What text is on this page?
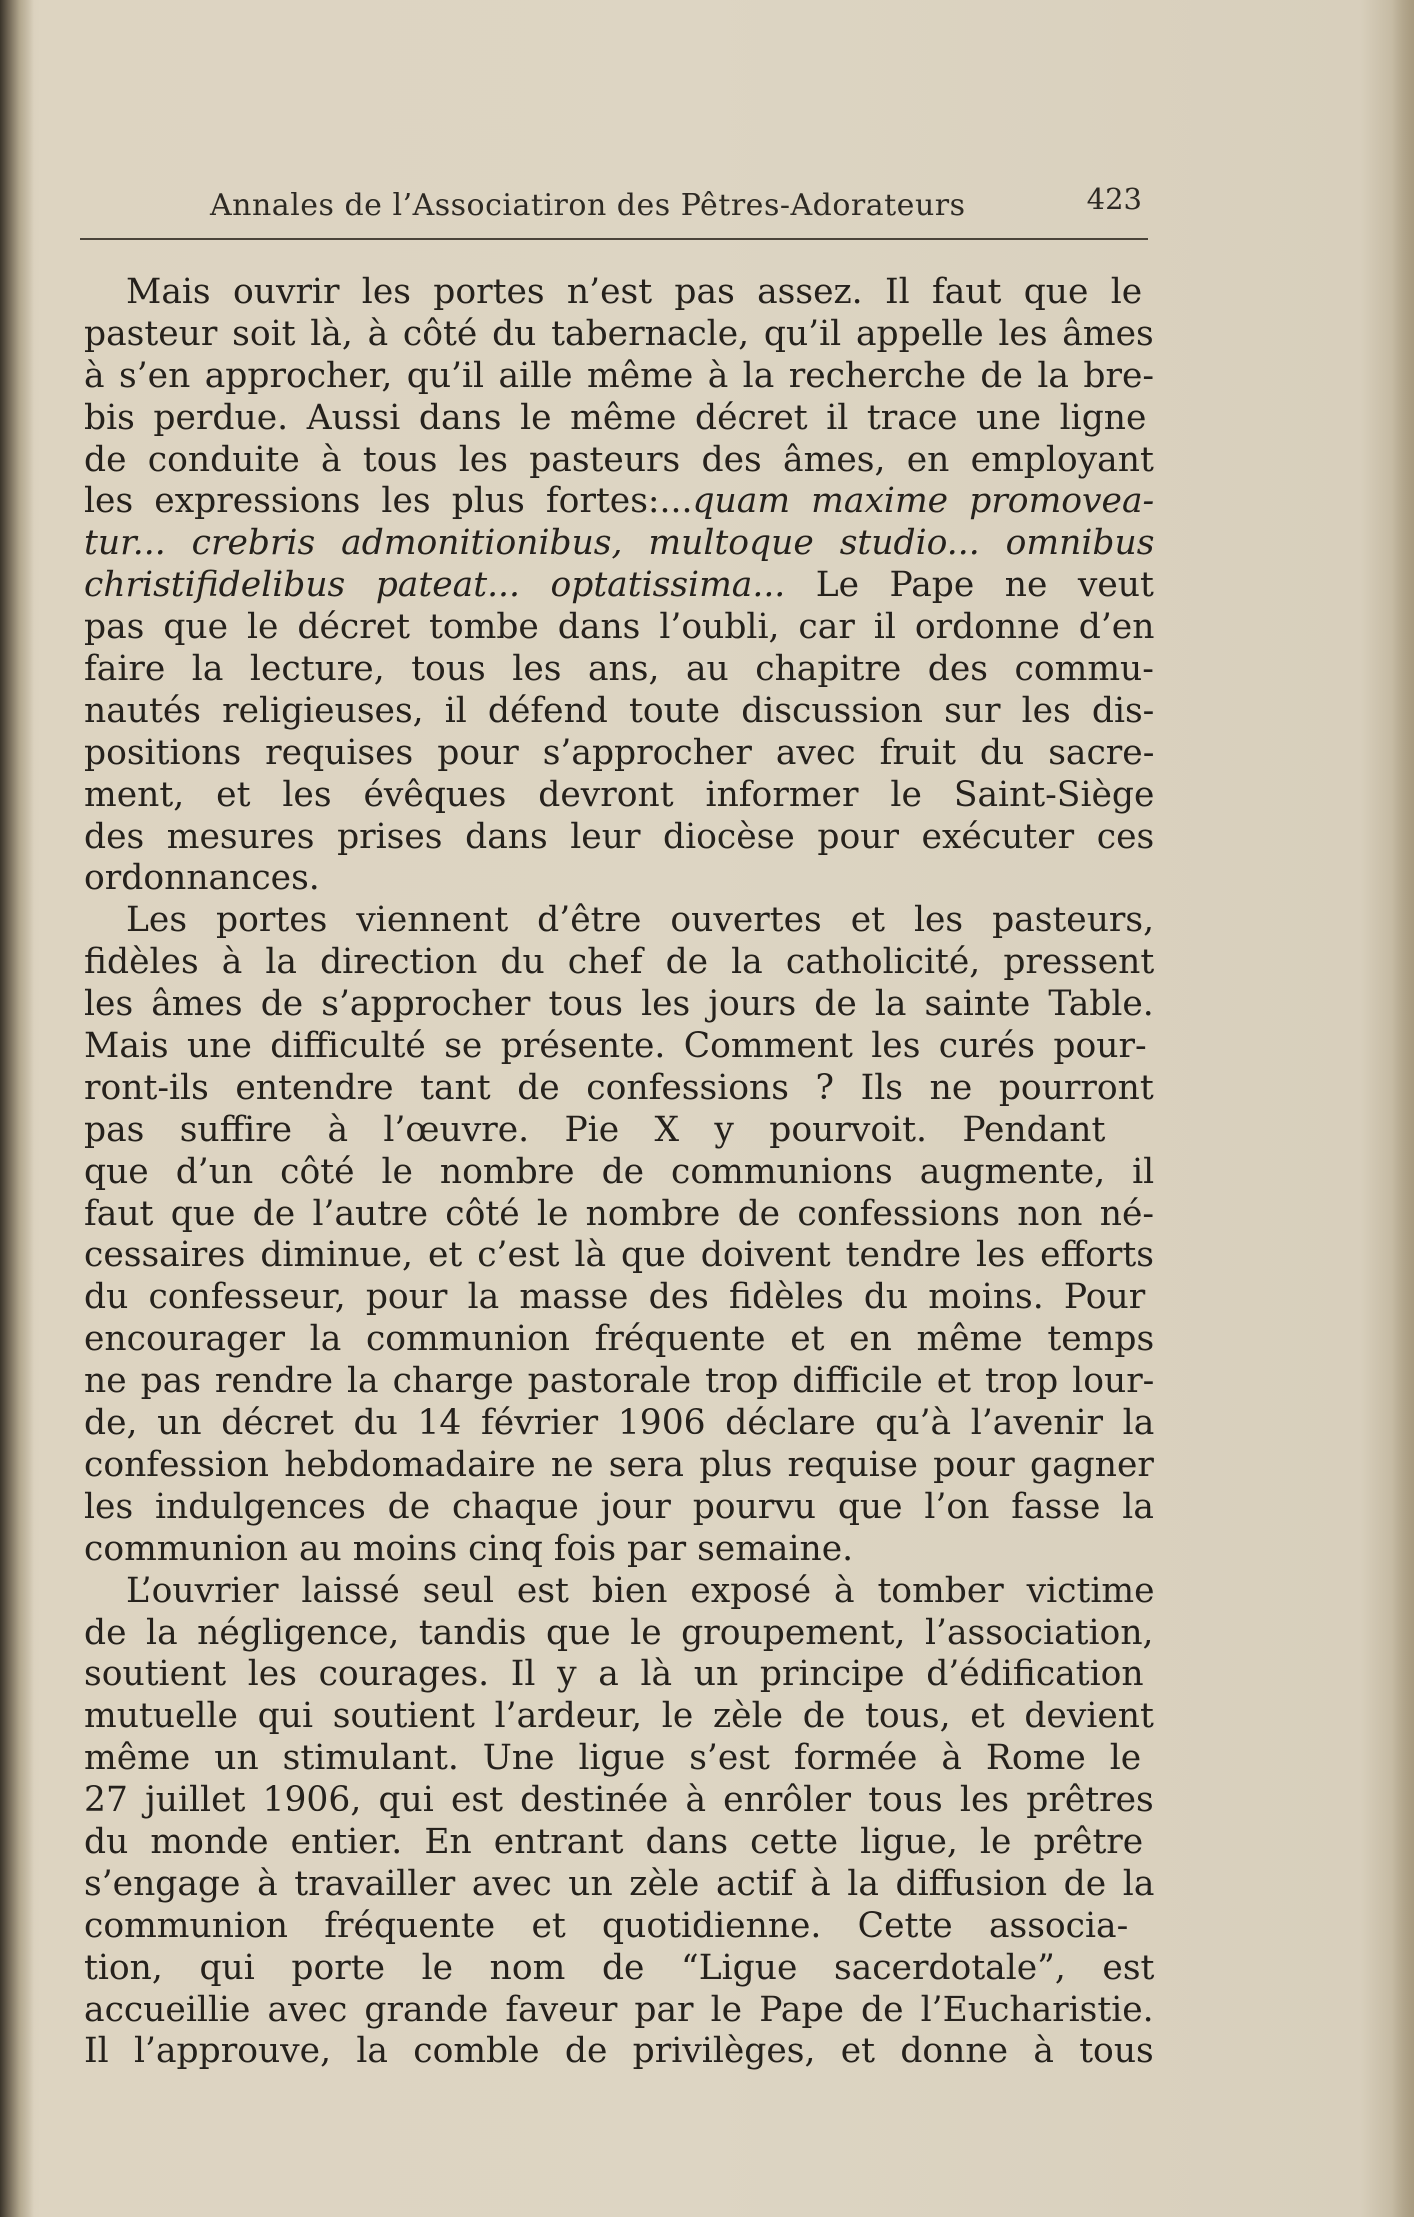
Annales de l’Associatiron des Pêtres-Adorateurs	423
Mais ouvrir les portes n’est pas assez. Il faut que le
pasteur soit là, à côté du tabernacle, qu’il appelle les âmes
à s’en approcher, qu’il aille même à la recherche de la bre-
bis perdue. Aussi dans le même décret il trace une ligne
de conduite à tous les pasteurs des âmes, en employant
les expressions les plus fortes:...quam maxime promovea-
tur... crebris admonitionibus, multoque studio... omnibus
christifidelibus pateat... optatissima... Le Pape ne veut
pas que le décret tombe dans l’oubli, car il ordonne d’en
faire la lecture, tous les ans, au chapitre des commu-
nautés religieuses, il défend toute discussion sur les dis-
positions requises pour s’approcher avec fruit du sacre-
ment, et les évêques devront informer le Saint-Siège
des mesures prises dans leur diocèse pour exécuter ces
ordonnances.
Les portes viennent d’être ouvertes et les pasteurs,
fidèles à la direction du chef de la catholicité, pressent
les âmes de s’approcher tous les jours de la sainte Table.
Mais une difficulté se présente. Comment les curés pour-
ront-ils entendre tant de confessions ? Ils ne pourront
pas suffire à l’œuvre. Pie X y pourvoit. Pendant
que d’un côté le nombre de communions augmente, il
faut que de l’autre côté le nombre de confessions non né-
cessaires diminue, et c’est là que doivent tendre les efforts
du confesseur, pour la masse des fidèles du moins. Pour
encourager la communion fréquente et en même temps
ne pas rendre la charge pastorale trop difficile et trop lour-
de, un décret du 14 février 1906 déclare qu’à l’avenir la
confession hebdomadaire ne sera plus requise pour gagner
les indulgences de chaque jour pourvu que l’on fasse la
communion au moins cinq fois par semaine.
L’ouvrier laissé seul est bien exposé à tomber victime
de la négligence, tandis que le groupement, l’association,
soutient les courages. Il y a là un principe d’édification
mutuelle qui soutient l’ardeur, le zèle de tous, et devient
même un stimulant. Une ligue s’est formée à Rome le
27 juillet 1906, qui est destinée à enrôler tous les prêtres
du monde entier. En entrant dans cette ligue, le prêtre
s’engage à travailler avec un zèle actif à la diffusion de la
communion fréquente et quotidienne. Cette associa-
tion, qui porte le nom de “Ligue sacerdotale”, est
accueillie avec grande faveur par le Pape de l’Eucharistie.
Il l’approuve, la comble de privilèges, et donne à tous
